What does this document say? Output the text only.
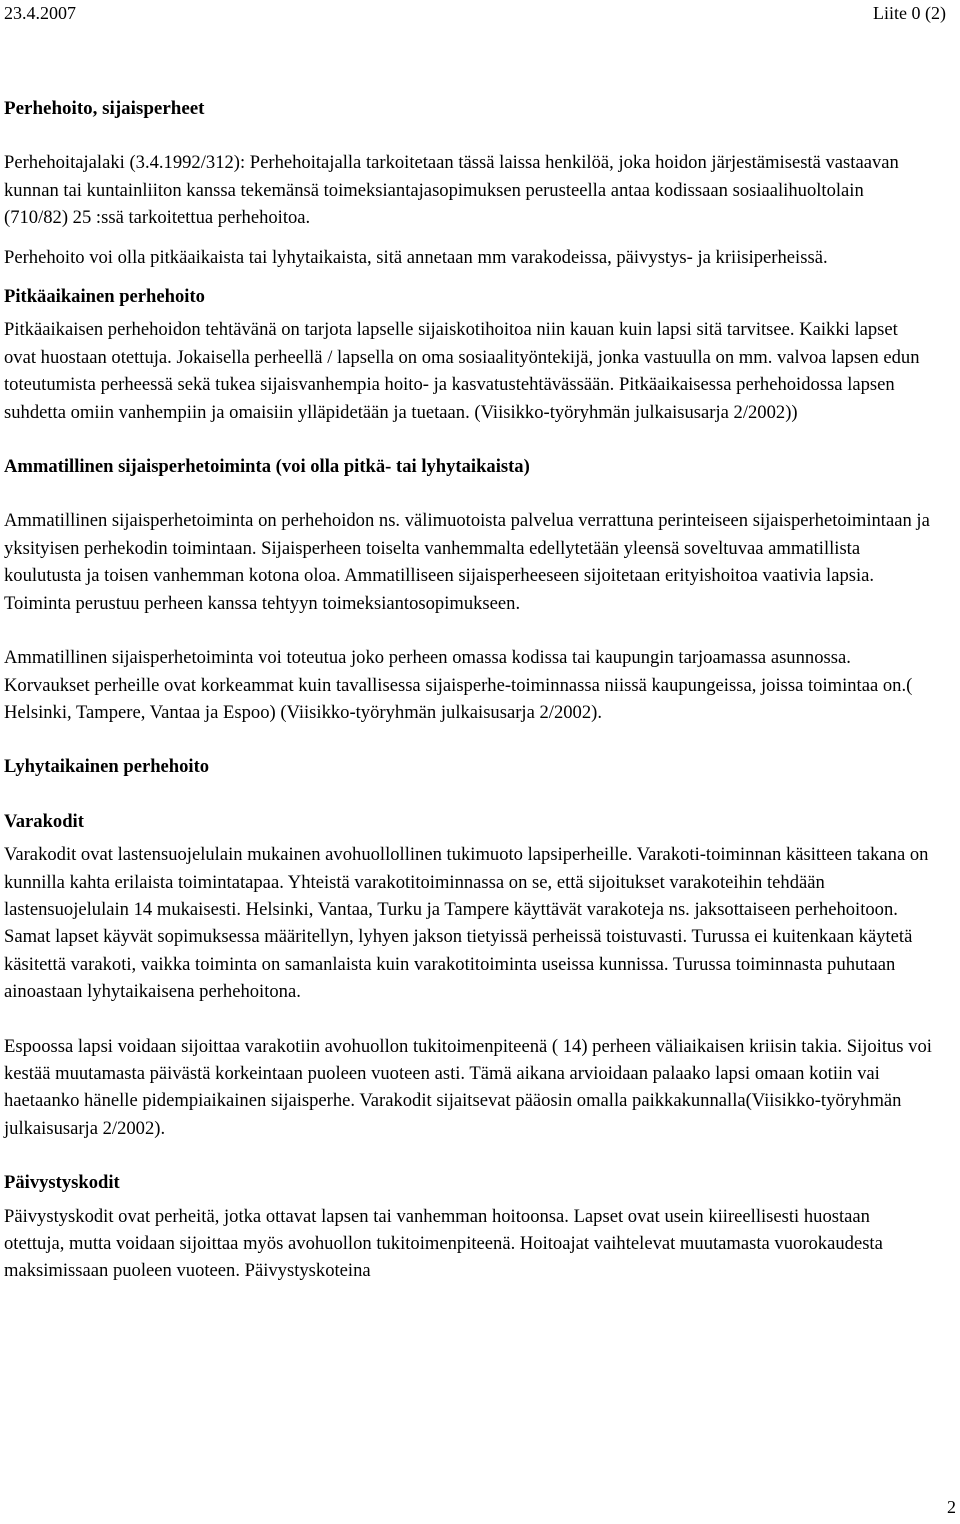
23.4.2007	Liite 0 (2)
Perhehoito, sijaisperheet

Perhehoitajalaki (3.4.1992/312): Perhehoitajalla tarkoitetaan tässä laissa henkilöä, joka hoidon järjestämisestä vastaavan kunnan tai kuntainliiton kanssa tekemänsä toimeksiantajasopimuksen perusteella antaa kodissaan sosiaalihuoltolain (710/82) 25 :ssä tarkoitettua perhehoitoa.

Perhehoito voi olla pitkäaikaista tai lyhytaikaista, sitä annetaan mm varakodeissa, päivystys- ja kriisiperheissä.

Pitkäaikainen perhehoito

Pitkäaikaisen perhehoidon tehtävänä on tarjota lapselle sijaiskotihoitoa niin kauan kuin lapsi sitä tarvitsee. Kaikki lapset ovat huostaan otettuja. Jokaisella perheellä / lapsella on oma sosiaalityöntekijä, jonka vastuulla on mm. valvoa lapsen edun toteutumista perheessä sekä tukea sijaisvanhempia hoito- ja kasvatustehtävässään. Pitkäaikaisessa perhehoidossa lapsen suhdetta omiin vanhempiin ja omaisiin ylläpidetään ja tuetaan. (Viisikko-työryhmän julkaisusarja 2/2002))

Ammatillinen sijaisperhetoiminta (voi olla pitkä- tai lyhytaikaista)

Ammatillinen sijaisperhetoiminta on perhehoidon ns. välimuotoista palvelua verrattuna perinteiseen sijaisperhetoimintaan ja yksityisen perhekodin toimintaan. Sijaisperheen toiselta vanhemmalta edellytetään yleensä soveltuvaa ammatillista koulutusta ja toisen vanhemman kotona oloa. Ammatilliseen sijaisperheeseen sijoitetaan erityishoitoa vaativia lapsia. Toiminta perustuu perheen kanssa tehtyyn toimeksiantosopimukseen.

Ammatillinen sijaisperhetoiminta voi toteutua joko perheen omassa kodissa tai kaupungin tarjoamassa asunnossa. Korvaukset perheille ovat korkeammat kuin tavallisessa sijaisperhe-toiminnassa niissä kaupungeissa, joissa toimintaa on.( Helsinki, Tampere, Vantaa ja Espoo) (Viisikko-työryhmän julkaisusarja 2/2002).

Lyhytaikainen perhehoito
Varakodit

Varakodit ovat lastensuojelulain mukainen avohuollollinen tukimuoto lapsiperheille. Varakoti-toiminnan käsitteen takana on kunnilla kahta erilaista toimintatapaa. Yhteistä varakotitoiminnassa on se, että sijoitukset varakoteihin tehdään lastensuojelulain 14 mukaisesti. Helsinki, Vantaa, Turku ja Tampere käyttävät varakoteja ns. jaksottaiseen perhehoitoon. Samat lapset käyvät sopimuksessa määritellyn, lyhyen jakson tietyissä perheissä toistuvasti. Turussa ei kuitenkaan käytetä käsitettä varakoti, vaikka toiminta on samanlaista kuin varakotitoiminta useissa kunnissa. Turussa toiminnasta puhutaan ainoastaan lyhytaikaisena perhehoitona.

Espoossa lapsi voidaan sijoittaa varakotiin avohuollon tukitoimenpiteenä ( 14) perheen väliaikaisen kriisin takia. Sijoitus voi kestää muutamasta päivästä korkeintaan puoleen vuoteen asti. Tämä aikana arvioidaan palaako lapsi omaan kotiin vai haetaanko hänelle pidempiaikainen sijaisperhe. Varakodit sijaitsevat pääosin omalla paikkakunnalla(Viisikko-työryhmän julkaisusarja 2/2002).

Päivystyskodit

Päivystyskodit ovat perheitä, jotka ottavat lapsen tai vanhemman hoitoonsa. Lapset ovat usein kiireellisesti huostaan otettuja, mutta voidaan sijoittaa myös avohuollon tukitoimenpiteenä. Hoitoajat vaihtelevat muutamasta vuorokaudesta maksimissaan puoleen vuoteen. Päivystyskoteina

2
